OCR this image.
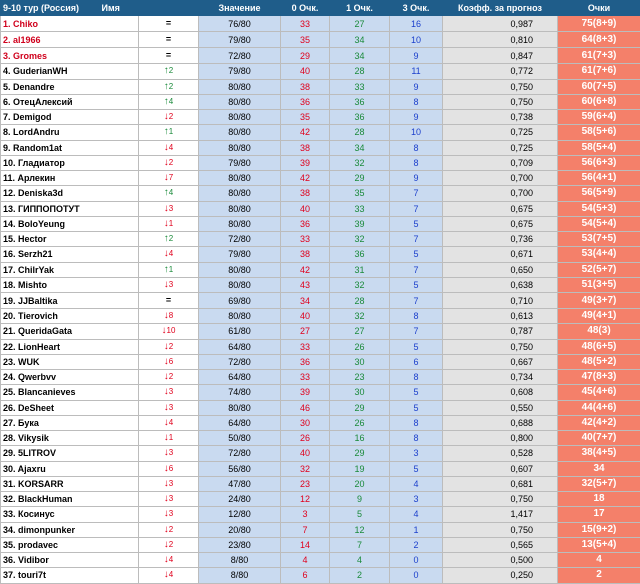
9-10 тур (Россия) Имя		Значение	0 Очк.	1 Очк.	3 Очк.	Коэфф. за прогноз	Очки
1. Chiko	=	76/80	33	27	16	0,987	75(8+9)
2. al1966	=	79/80	35	34	10	0,810	64(8+3)
3. Gromes	=	72/80	29	34	9	0,847	61(7+3)
4. GuderianWH	↑2	79/80	40	28	11	0,772	61(7+6)
5. Denandre	↑2	80/80	38	33	9	0,750	60(7+5)
6. ОтецАлексий	↑4	80/80	36	36	8	0,750	60(6+8)
7. Demigod	↓2	80/80	35	36	9	0,738	59(6+4)
8. LordAndru	↑1	80/80	42	28	10	0,725	58(5+6)
9. Random1at	↓4	80/80	38	34	8	0,725	58(5+4)
10. Гладиатор	↓2	79/80	39	32	8	0,709	56(6+3)
11. Арлекин	↓7	80/80	42	29	9	0,700	56(4+1)
12. Deniska3d	↑4	80/80	38	35	7	0,700	56(5+9)
13. ГИППОПОТУТ	↓3	80/80	40	33	7	0,675	54(5+3)
14. BoloYeung	↓1	80/80	36	39	5	0,675	54(5+4)
15. Hector	↑2	72/80	33	32	7	0,736	53(7+5)
16. Serzh21	↓4	79/80	38	36	5	0,671	53(4+4)
17. ChilrYak	↑1	80/80	42	31	7	0,650	52(5+7)
18. Mishto	↓3	80/80	43	32	5	0,638	51(3+5)
19. JJBaltika	=	69/80	34	28	7	0,710	49(3+7)
20. Tierovich	↓8	80/80	40	32	8	0,613	49(4+1)
21. QueridaGata	↓10	61/80	27	27	7	0,787	48(3)
22. LionHeart	↓2	64/80	33	26	5	0,750	48(6+5)
23. WUK	↓6	72/80	36	30	6	0,667	48(5+2)
24. Qwerbvv	↓2	64/80	33	23	8	0,734	47(8+3)
25. Blancanieves	↓3	74/80	39	30	5	0,608	45(4+6)
26. DeSheet	↓3	80/80	46	29	5	0,550	44(4+6)
27. Бука	↓4	64/80	30	26	8	0,688	42(4+2)
28. Vikysik	↓1	50/80	26	16	8	0,800	40(7+7)
29. 5LITROV	↓3	72/80	40	29	3	0,528	38(4+5)
30. Ajaxru	↓6	56/80	32	19	5	0,607	34
31. KORSARR	↓3	47/80	23	20	4	0,681	32(5+7)
32. BlackHuman	↓3	24/80	12	9	3	0,750	18
33. Косинус	↓3	12/80	3	5	4	1,417	17
34. dimonpunker	↓2	20/80	7	12	1	0,750	15(9+2)
35. prodavec	↓2	23/80	14	7	2	0,565	13(5+4)
36. Vidibor	↓4	8/80	4	4	0	0,500	4
37. touri7t	↓4	8/80	6	2	0	0,250	2
